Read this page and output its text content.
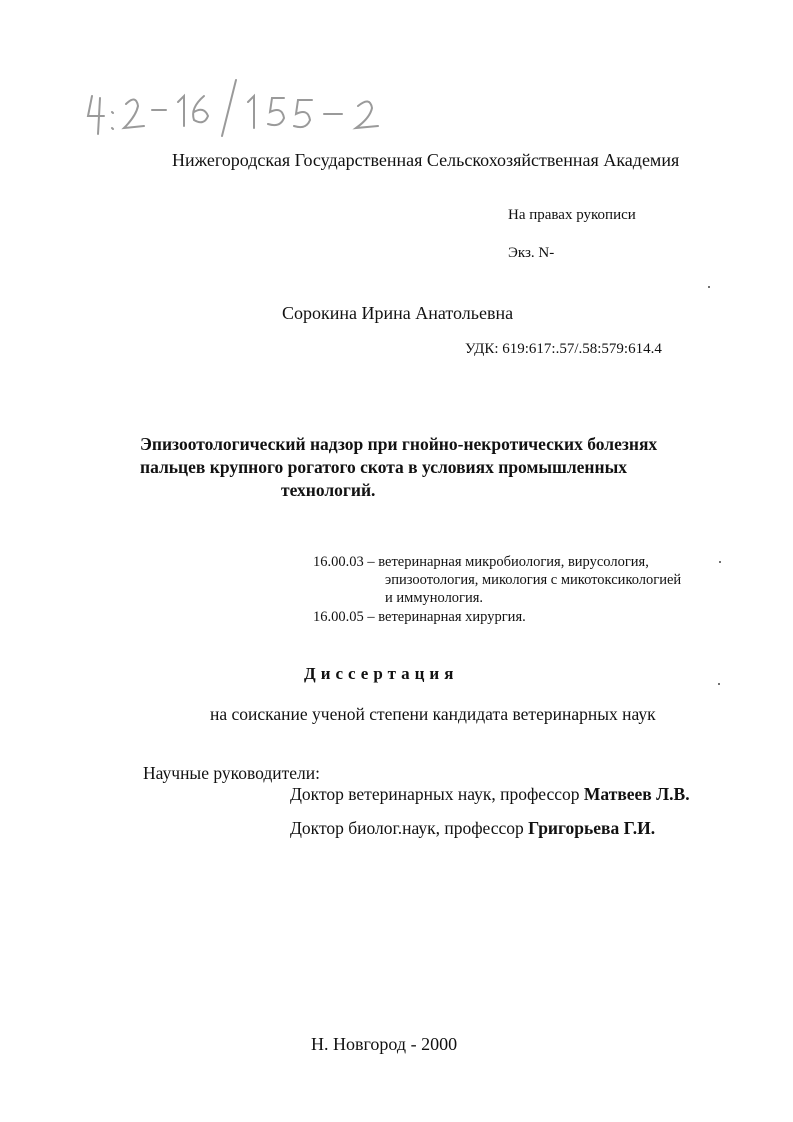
Нижегородская Государственная Сельскохозяйственная Академия
На правах рукописи
Экз. N-
Сорокина Ирина Анатольевна
УДК: 619:617:.57/.58:579:614.4
Эпизоотологический надзор при гнойно-некротических болезнях
пальцев крупного рогатого скота в условиях промышленных
технологий.
16.00.03 – ветеринарная микробиология, вирусология,
эпизоотология, микология с микотоксикологией
и иммунология.
16.00.05 – ветеринарная хирургия.
Диссертация
на соискание ученой степени кандидата ветеринарных наук
Научные руководители:
Доктор ветеринарных наук, профессор Матвеев Л.В.
Доктор биолог.наук, профессор Григорьева Г.И.
Н. Новгород - 2000
